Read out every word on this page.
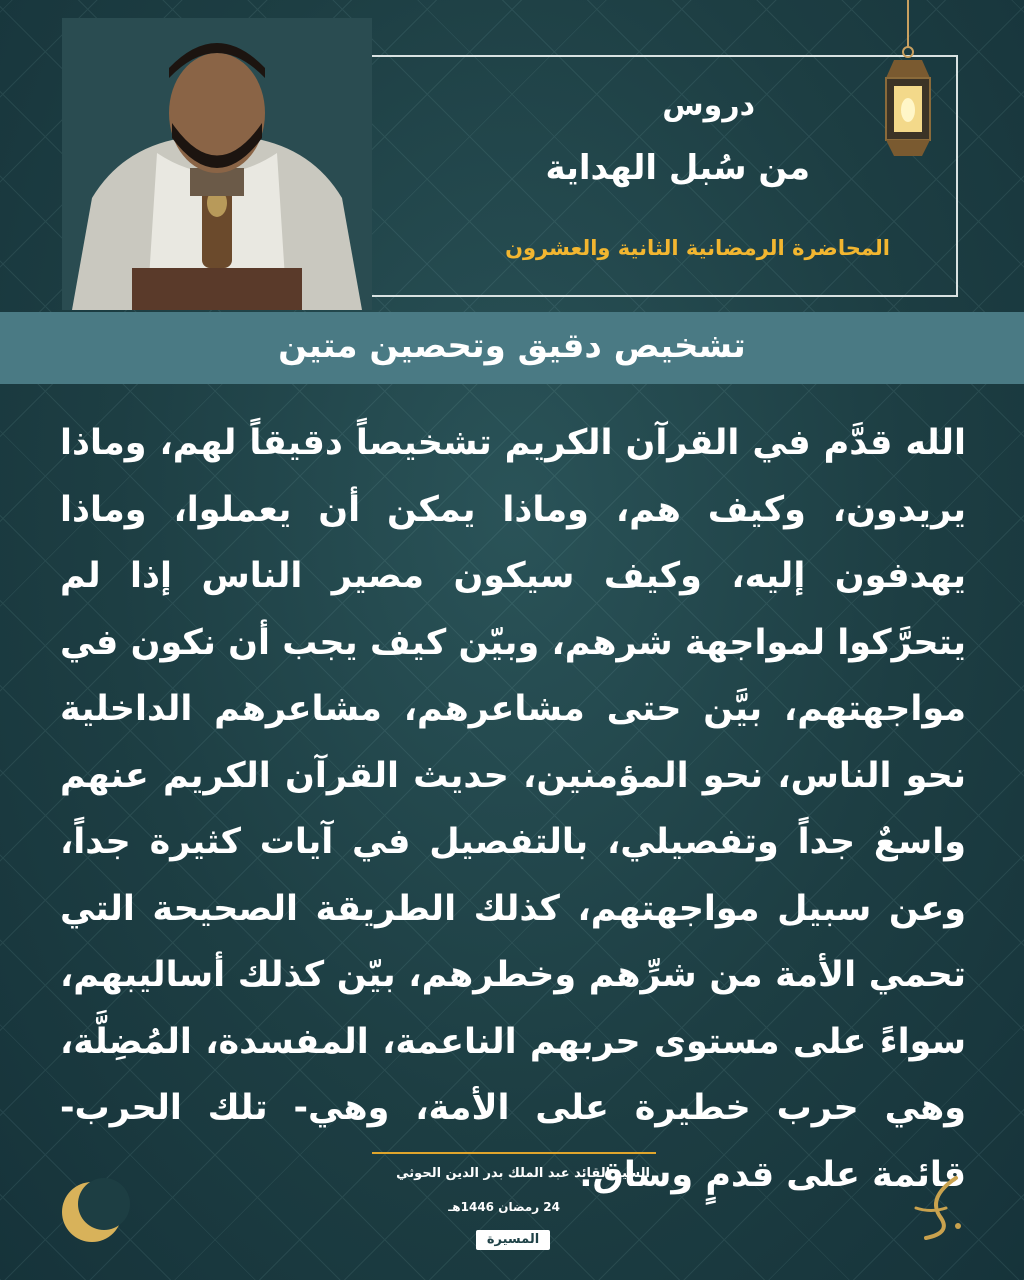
دروس
من سُبل الهداية
المحاضرة الرمضانية الثانية والعشرون
تشخيص دقيق وتحصين متين
الله قدَّم في القرآن الكريم تشخيصاً دقيقاً لهم، وماذا يريدون، وكيف هم، وماذا يمكن أن يعملوا، وماذا يهدفون إليه، وكيف سيكون مصير الناس إذا لم يتحرَّكوا لمواجهة شرهم، وبيّن كيف يجب أن نكون في مواجهتهم، بيَّن حتى مشاعرهم، مشاعرهم الداخلية نحو الناس، نحو المؤمنين، حديث القرآن الكريم عنهم واسعٌ جداً وتفصيلي، بالتفصيل في آيات كثيرة جداً، وعن سبيل مواجهتهم، كذلك الطريقة الصحيحة التي تحمي الأمة من شرِّهم وخطرهم، بيّن كذلك أساليبهم، سواءً على مستوى حربهم الناعمة، المفسدة، المُضِلَّة، وهي حرب خطيرة على الأمة، وهي- تلك الحرب- قائمة على قدمٍ وساق.
السيد القائد عبد الملك بدر الدين الحوثي
24 رمضان 1446هـ
المسيرة
